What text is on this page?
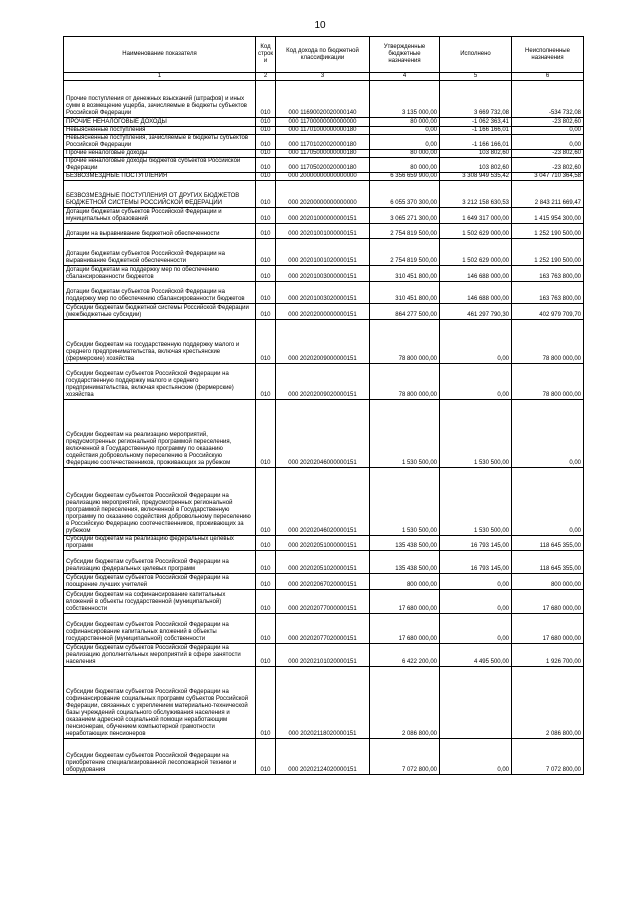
10
Наименование показателя	Код строк и	Код дохода по бюджетной классификации	Утвержденные бюджетные назначения	Исполнено	Неисполненные назначения
1	2	3	4	5	6
Прочие поступления от денежных взысканий (штрафов) и иных сумм в возмещение ущерба, зачисляемые в бюджеты субъектов Российской Федерации	010	000 11690020020000140	3 135 000,00	3 669 732,08	-534 732,08
ПРОЧИЕ НЕНАЛОГОВЫЕ ДОХОДЫ	010	000 11700000000000000	80 000,00	-1 062 363,41	-23 802,60
Невыясненные поступления	010	000 11701000000000180	0,00	-1 166 166,01	0,00
Невыясненные поступления, зачисляемые в бюджеты субъектов Российской Федерации	010	000 11701020020000180	0,00	-1 166 166,01	0,00
Прочие неналоговые доходы	010	000 11705000000000180	80 000,00	103 802,60	-23 802,60
Прочие неналоговые доходы бюджетов субъектов Российской Федерации	010	000 11705020020000180	80 000,00	103 802,60	-23 802,60
БЕЗВОЗМЕЗДНЫЕ ПОСТУПЛЕНИЯ	010	000 20000000000000000	6 356 659 900,00	3 308 949 535,42	3 047 710 364,58
БЕЗВОЗМЕЗДНЫЕ ПОСТУПЛЕНИЯ ОТ ДРУГИХ БЮДЖЕТОВ БЮДЖЕТНОЙ СИСТЕМЫ РОССИЙСКОЙ ФЕДЕРАЦИИ	010	000 20200000000000000	6 055 370 300,00	3 212 158 630,53	2 843 211 669,47
Дотации бюджетам субъектов Российской Федерации и муниципальных образований	010	000 20201000000000151	3 065 271 300,00	1 649 317 000,00	1 415 954 300,00
Дотации на выравнивание бюджетной обеспеченности	010	000 20201001000000151	2 754 819 500,00	1 502 629 000,00	1 252 190 500,00
Дотации бюджетам субъектов Российской Федерации на выравнивание бюджетной обеспеченности	010	000 20201001020000151	2 754 819 500,00	1 502 629 000,00	1 252 190 500,00
Дотации бюджетам на поддержку мер по обеспечению сбалансированности бюджетов	010	000 20201003000000151	310 451 800,00	146 688 000,00	163 763 800,00
Дотации бюджетам субъектов Российской Федерации на поддержку мер по обеспечению сбалансированности бюджетов	010	000 20201003020000151	310 451 800,00	146 688 000,00	163 763 800,00
Субсидии бюджетам бюджетной системы Российской Федерации (межбюджетные субсидии)	010	000 20202000000000151	864 277 500,00	461 297 790,30	402 979 709,70
Субсидии бюджетам на государственную поддержку малого и среднего предпринимательства, включая крестьянские (фермерские) хозяйства	010	000 20202009000000151	78 800 000,00	0,00	78 800 000,00
Субсидии бюджетам субъектов Российской Федерации на государственную поддержку малого и среднего предпринимательства, включая крестьянские (фермерские) хозяйства	010	000 20202009020000151	78 800 000,00	0,00	78 800 000,00
Субсидии бюджетам на реализацию мероприятий, предусмотренных региональной программой переселения, включенной в Государственную программу по оказанию содействия добровольному переселению в Российскую Федерацию соотечественников, проживающих за рубежом	010	000 20202046000000151	1 530 500,00	1 530 500,00	0,00
Субсидии бюджетам субъектов Российской Федерации на реализацию мероприятий, предусмотренных региональной программой переселения, включенной в Государственную программу по оказанию содействия добровольному переселению в Российскую Федерацию соотечественников, проживающих за рубежом	010	000 20202046020000151	1 530 500,00	1 530 500,00	0,00
Субсидии бюджетам на реализацию федеральных целевых программ	010	000 20202051000000151	135 438 500,00	16 793 145,00	118 645 355,00
Субсидии бюджетам субъектов Российской Федерации на реализацию федеральных целевых программ	010	000 20202051020000151	135 438 500,00	16 793 145,00	118 645 355,00
Субсидии бюджетам субъектов Российской Федерации на поощрение лучших учителей	010	000 20202067020000151	800 000,00	0,00	800 000,00
Субсидии бюджетам на софинансирование капитальных вложений в объекты государственной (муниципальной) собственности	010	000 20202077000000151	17 680 000,00	0,00	17 680 000,00
Субсидии бюджетам субъектов Российской Федерации на софинансирование капитальных вложений в объекты государственной (муниципальной) собственности	010	000 20202077020000151	17 680 000,00	0,00	17 680 000,00
Субсидии бюджетам субъектов Российской Федерации на реализацию дополнительных мероприятий в сфере занятости населения	010	000 20202101020000151	6 422 200,00	4 495 500,00	1 926 700,00
Субсидии бюджетам субъектов Российской Федерации на софинансирование социальных программ субъектов Российской Федерации, связанных с укреплением материально-технической базы учреждений социального обслуживания населения и оказанием адресной социальной помощи неработающим пенсионерам, обучением компьютерной грамотности неработающих пенсионеров	010	000 20202118020000151	2 086 800,00		2 086 800,00
Субсидии бюджетам субъектов Российской Федерации на приобретение специализированной лесопожарной техники и оборудования	010	000 20202124020000151	7 072 800,00	0,00	7 072 800,00
